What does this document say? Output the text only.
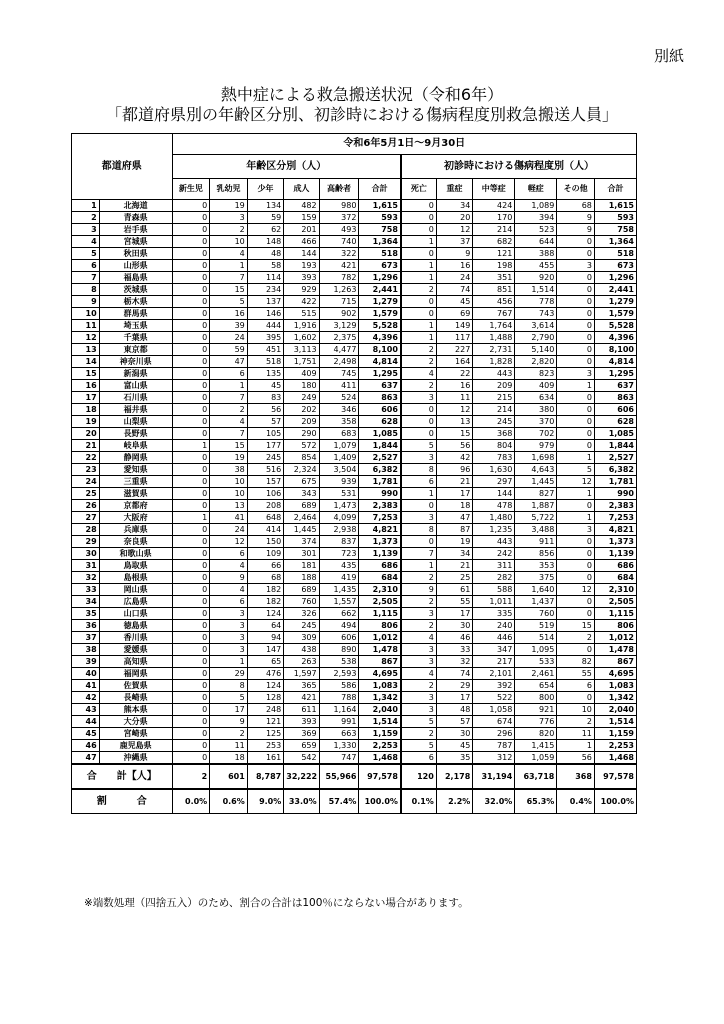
別紙
熱中症による救急搬送状況（令和6年）
「都道府県別の年齢区分別、初診時における傷病程度別救急搬送人員」
都道府県		令和6年5月1日～9月30日											
		年齢区分別（人）						初診時における傷病程度別（人）					
		新生児	乳幼児	少年	成人	高齢者	合計	死亡	重症	中等症	軽症	その他	合計
1	北海道	0	19	134	482	980	1,615	0	34	424	1,089	68	1,615
2	青森県	0	3	59	159	372	593	0	20	170	394	9	593
3	岩手県	0	2	62	201	493	758	0	12	214	523	9	758
4	宮城県	0	10	148	466	740	1,364	1	37	682	644	0	1,364
5	秋田県	0	4	48	144	322	518	0	9	121	388	0	518
6	山形県	0	1	58	193	421	673	1	16	198	455	3	673
7	福島県	0	7	114	393	782	1,296	1	24	351	920	0	1,296
8	茨城県	0	15	234	929	1,263	2,441	2	74	851	1,514	0	2,441
9	栃木県	0	5	137	422	715	1,279	0	45	456	778	0	1,279
10	群馬県	0	16	146	515	902	1,579	0	69	767	743	0	1,579
11	埼玉県	0	39	444	1,916	3,129	5,528	1	149	1,764	3,614	0	5,528
12	千葉県	0	24	395	1,602	2,375	4,396	1	117	1,488	2,790	0	4,396
13	東京都	0	59	451	3,113	4,477	8,100	2	227	2,731	5,140	0	8,100
14	神奈川県	0	47	518	1,751	2,498	4,814	2	164	1,828	2,820	0	4,814
15	新潟県	0	6	135	409	745	1,295	4	22	443	823	3	1,295
16	富山県	0	1	45	180	411	637	2	16	209	409	1	637
17	石川県	0	7	83	249	524	863	3	11	215	634	0	863
18	福井県	0	2	56	202	346	606	0	12	214	380	0	606
19	山梨県	0	4	57	209	358	628	0	13	245	370	0	628
20	長野県	0	7	105	290	683	1,085	0	15	368	702	0	1,085
21	岐阜県	1	15	177	572	1,079	1,844	5	56	804	979	0	1,844
22	静岡県	0	19	245	854	1,409	2,527	3	42	783	1,698	1	2,527
23	愛知県	0	38	516	2,324	3,504	6,382	8	96	1,630	4,643	5	6,382
24	三重県	0	10	157	675	939	1,781	6	21	297	1,445	12	1,781
25	滋賀県	0	10	106	343	531	990	1	17	144	827	1	990
26	京都府	0	13	208	689	1,473	2,383	0	18	478	1,887	0	2,383
27	大阪府	1	41	648	2,464	4,099	7,253	3	47	1,480	5,722	1	7,253
28	兵庫県	0	24	414	1,445	2,938	4,821	8	87	1,235	3,488	3	4,821
29	奈良県	0	12	150	374	837	1,373	0	19	443	911	0	1,373
30	和歌山県	0	6	109	301	723	1,139	7	34	242	856	0	1,139
31	鳥取県	0	4	66	181	435	686	1	21	311	353	0	686
32	島根県	0	9	68	188	419	684	2	25	282	375	0	684
33	岡山県	0	4	182	689	1,435	2,310	9	61	588	1,640	12	2,310
34	広島県	0	6	182	760	1,557	2,505	2	55	1,011	1,437	0	2,505
35	山口県	0	3	124	326	662	1,115	3	17	335	760	0	1,115
36	徳島県	0	3	64	245	494	806	2	30	240	519	15	806
37	香川県	0	3	94	309	606	1,012	4	46	446	514	2	1,012
38	愛媛県	0	3	147	438	890	1,478	3	33	347	1,095	0	1,478
39	高知県	0	1	65	263	538	867	3	32	217	533	82	867
40	福岡県	0	29	476	1,597	2,593	4,695	4	74	2,101	2,461	55	4,695
41	佐賀県	0	8	124	365	586	1,083	2	29	392	654	6	1,083
42	長崎県	0	5	128	421	788	1,342	3	17	522	800	0	1,342
43	熊本県	0	17	248	611	1,164	2,040	3	48	1,058	921	10	2,040
44	大分県	0	9	121	393	991	1,514	5	57	674	776	2	1,514
45	宮崎県	0	2	125	369	663	1,159	2	30	296	820	11	1,159
46	鹿児島県	0	11	253	659	1,330	2,253	5	45	787	1,415	1	2,253
47	沖縄県	0	18	161	542	747	1,468	6	35	312	1,059	56	1,468
合　　計【人】		2	601	8,787	32,222	55,966	97,578	120	2,178	31,194	63,718	368	97,578
割　　　合		0.0%	0.6%	9.0%	33.0%	57.4%	100.0%	0.1%	2.2%	32.0%	65.3%	0.4%	100.0%
※端数処理（四捨五入）のため、割合の合計は100％にならない場合があります。
